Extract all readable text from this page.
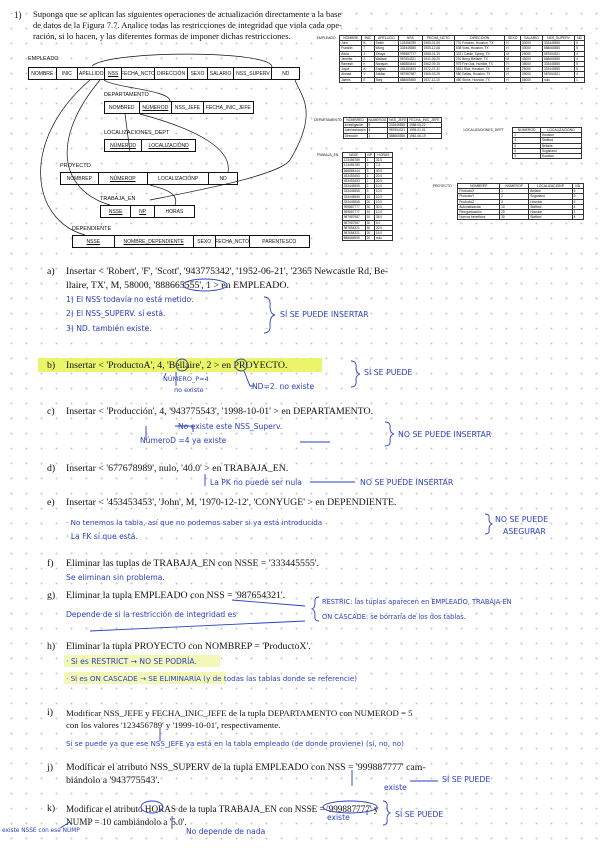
1) Suponga que se aplican las siguientes operaciones de actualización directamente a la base
de datos de la Figura 7.7. Analice todas las restricciones de integridad que viola cada ope-
ración, si lo hacen, y las diferentes formas de imponer dichas restricciones.
EMPLEADO
NOMBRE	INIC	APELLIDO NSS FECHA_NCTO DIRECCIÓN	SEXO	SALARIO NSS_SUPERV	ND
DEPARTAMENTO
NOMBRED	NÚMEROD	NSS_JEFE	FECHA_INIC_JEFE
LOCALIZACIONES_DEPT
NÚMEROD	LOCALIZACIÓND
PROYECTO
NOMBREP	NÚMEROP	LOCALIZACIÓNP	ND
TRABAJA_EN
NSSE	NP	HORAS
DEPENDIENTE
NSSE	NOMBRE_DEPENDIENTE	SEXO FECHA_NCTO	PARENTESCO
EMPLEADO	NOMBRE	INIC	APELLIDO	NSS	FECHA_NCTO	DIRECCIÓN	SEXO	SALARIO	NSS_SUPERV	ND
	John	B	Smith	123456789	1965-01-09	731 Fondren, Houston, TX	H	30000	333445555	5
	Franklin	T	Wong	333445555	1955-12-08	638 Voss, Houston, TX	H	40000	888665555	5
	Alicia	J	Zelaya	999887777	1968-01-19	3321 Castle, Spring, TX	M	25000	987654321	4
	Jennifer	S	Wallace	987654321	1941-06-20	291 Berry, Bellaire, TX	M	43000	888665555	4
	Ramesh	K	Narayan	666884444	1962-09-15	975 Fire Oak, Humble, TX	H	38000	333445555	5
	Joyce	A	English	453453453	1972-07-31	5631 Rice, Houston, TX	M	25000	333445555	5
	Ahmad	V	Jabbar	987987987	1969-03-29	980 Dallas, Houston, TX	H	25000	987654321	4
	James	E	Borg	888665555	1937-11-10	450 Stone, Houston, TX	H	55000	nulo	1
LOCALIZACIONES_DEPT	NÚMEROD	LOCALIZACIÓND
	1	Houston
	4	Stafford
	5	Bellaire
	5	Sugarland
	5	Houston
DEPARTAMENTO	NOMBRED	NÚMEROD	NSS_JEFE	FECHA_INIC_JEFE
	Investigación	5	333445555	1988-05-22
	Administración	4	987654321	1995-01-01
	Dirección	1	888665555	1981-06-19
TRABAJA_EN	NSSE	NP	HORAS
	123456789	1	32.5
	123456789	2	7.5
	666884444	3	40.0
	453453453	1	20.0
	453453453	2	20.0
	333445555	2	10.0
	333445555	3	10.0
	333445555	10	10.0
	333445555	20	10.0
	999887777	30	30.0
	999887777	10	10.0
	987987987	10	35.0
	987987987	30	5.0
	987654321	30	20.0
	987654321	20	15.0
	888665555	20	nulo
PROYECTO	NOMBREP	NÚMEROP	LOCALIZACIÓNP	ND
	ProductoX	1	Bellaire	5
	ProductoY	2	Sugarland	5
	ProductoZ	3	Houston	5
	Automatización	10	Stafford	4
	Reorganización	20	Houston	1
	Nuevos beneficios	30	Stafford	4
a) Insertar < 'Robert', 'F', 'Scott', '943775342', '1952-06-21', '2365 Newcastle Rd, Be-
llaire, TX', M, 58000, '888665555', 1 > en EMPLEADO.
1) El NSS todavía no está metido.
2) El NSS_SUPERV. sí está.
3) ND. también existe.
SÍ SE PUEDE INSERTAR
b) Insertar < 'ProductoA', 4, 'Bellaire', 2 > en PROYECTO.
NÚMERO_P=4
no existe	ND=2. no existe
SÍ SE PUEDE
c) Insertar < 'Producción', 4, '943775543', '1998-10-01' > en DEPARTAMENTO.
No existe este NSS_Superv.
NúmeroD =4 ya existe
NO SE PUEDE INSERTAR
d) Insertar < '677678989', nulo, '40.0' > en TRABAJA_EN.
La PK no puede ser nula	NO SE PUEDE INSERTAR
e) Insertar < '453453453', 'John', M, '1970-12-12', 'CONYUGE' > en DEPENDIENTE.
· No tenemos la tabla, así que no podemos saber si ya está introducida
· La FK sí que está.
NO SE PUEDE
ASEGURAR
f) Eliminar las tuplas de TRABAJA_EN con NSSE = '333445555'.
Se eliminan sin problema.
g) Eliminar la tupla EMPLEADO con NSS = '987654321'.
Depende de si la restricción de integridad es
RESTRIC: las tuplas aparecen en EMPLEADO, TRABAJA-EN
ON CASCADE: se borraría de los dos tablas.
h) Eliminar la tupla PROYECTO con NOMBREP = 'ProductoX'.
· Si es RESTRICT → NO SE PODRÍA.
· Si es ON CASCADE → SE ELIMINARÍA (y de todas las tablas donde se referencie)
i) Modificar NSS_JEFE y FECHA_INIC_JEFE de la tupla DEPARTAMENTO con NUMEROD = 5
con los valores '123456789' y '1999-10-01', respectivamente.
Sí se puede ya que ese NSS_JEFE ya está en la tabla empleado (de donde proviene) (sí, no, no)
j) Modificar el atributo NSS_SUPERV de la tupla EMPLEADO con NSS = '999887777' cam-
biándolo a '943775543'.
existe
SÍ SE PUEDE
k) Modificar el atributo HORAS de la tupla TRABAJA_EN con NSSE = '999887777' y
NUMP = 10 cambiándolo a '5.0'.	existe
No depende de nada
existe NSSE con ese NUMP
SÍ SE PUEDE
